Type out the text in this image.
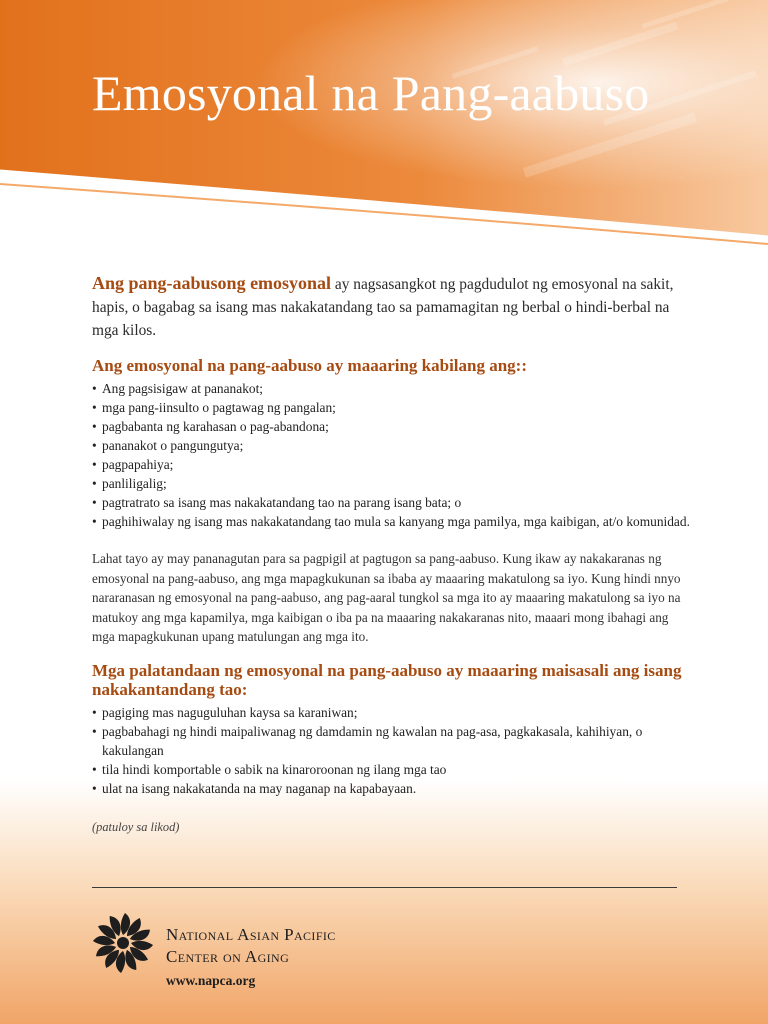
Emosyonal na Pang-aabuso

Ang pang-aabusong emosyonal ay nagsasangkot ng pagdudulot ng emosyonal na sakit, hapis, o bagabag sa isang mas nakakatandang tao sa pamamagitan ng berbal o hindi-berbal na mga kilos.

Ang emosyonal na pang-aabuso ay maaaring kabilang ang::
• Ang pagsisigaw at pananakot;
• mga pang-iinsulto o pagtawag ng pangalan;
• pagbabanta ng karahasan o pag-abandona;
• pananakot o pangungutya;
• pagpapahiya;
• panliligalig;
• pagtratrato sa isang mas nakakatandang tao na parang isang bata; o
• paghihiwalay ng isang mas nakakatandang tao mula sa kanyang mga pamilya, mga kaibigan, at/o komunidad.

Lahat tayo ay may pananagutan para sa pagpigil at pagtugon sa pang-aabuso. Kung ikaw ay nakakaranas ng emosyonal na pang-aabuso, ang mga mapagkukunan sa ibaba ay maaaring makatulong sa iyo. Kung hindi nnyo nararanasan ng emosyonal na pang-aabuso, ang pag-aaral tungkol sa mga ito ay maaaring makatulong sa iyo na matukoy ang mga kapamilya, mga kaibigan o iba pa na maaaring nakakaranas nito, maaari mong ibahagi ang mga mapagkukunan upang matulungan ang mga ito.

Mga palatandaan ng emosyonal na pang-aabuso ay maaaring maisasali ang isang nakakantandang tao:
• pagiging mas naguguluhan kaysa sa karaniwan;
• pagbabahagi ng hindi maipaliwanag ng damdamin ng kawalan na pag-asa, pagkakasala, kahihiyan, o kakulangan
• tila hindi komportable o sabik na kinaroroonan ng ilang mga tao
• ulat na isang nakakatanda na may naganap na kapabayaan.

(patuloy sa likod)

National Asian Pacific
Center on Aging
www.napca.org
